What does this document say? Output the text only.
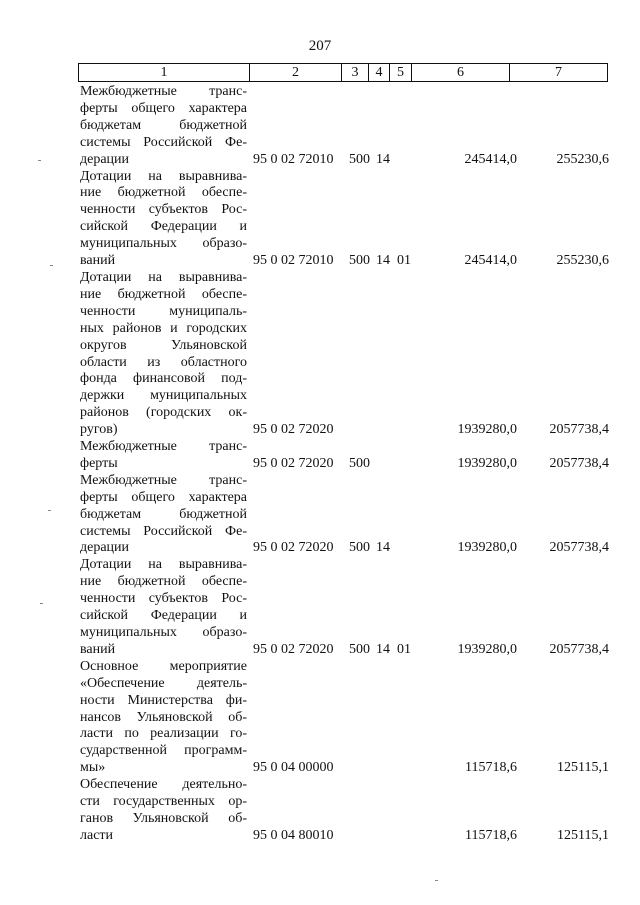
207
1	2	3	4	5	6	7
Межбюджетные транс-
ферты общего характера
бюджетам бюджетной
системы Российской Фе-
дерации	95 0 02 72010	500 14	245414,0	255230,6
Дотации на выравнива-
ние бюджетной обеспе-
ченности субъектов Рос-
сийской Федерации и
муниципальных образо-
ваний	95 0 02 72010	500 14 01	245414,0	255230,6
Дотации на выравнива-
ние бюджетной обеспе-
ченности муниципаль-
ных районов и городских
округов Ульяновской
области из областного
фонда финансовой под-
держки муниципальных
районов (городских ок-
ругов)	95 0 02 72020	1939280,0	2057738,4
Межбюджетные транс-
ферты	95 0 02 72020	500	1939280,0	2057738,4
Межбюджетные транс-
ферты общего характера
бюджетам бюджетной
системы Российской Фе-
дерации	95 0 02 72020	500 14	1939280,0	2057738,4
Дотации на выравнива-
ние бюджетной обеспе-
ченности субъектов Рос-
сийской Федерации и
муниципальных образо-
ваний	95 0 02 72020	500 14 01	1939280,0	2057738,4
Основное мероприятие
«Обеспечение деятель-
ности Министерства фи-
нансов Ульяновской об-
ласти по реализации го-
сударственной программ-
мы»	95 0 04 00000	115718,6	125115,1
Обеспечение деятельно-
сти государственных ор-
ганов Ульяновской об-
ласти	95 0 04 80010	115718,6	125115,1
